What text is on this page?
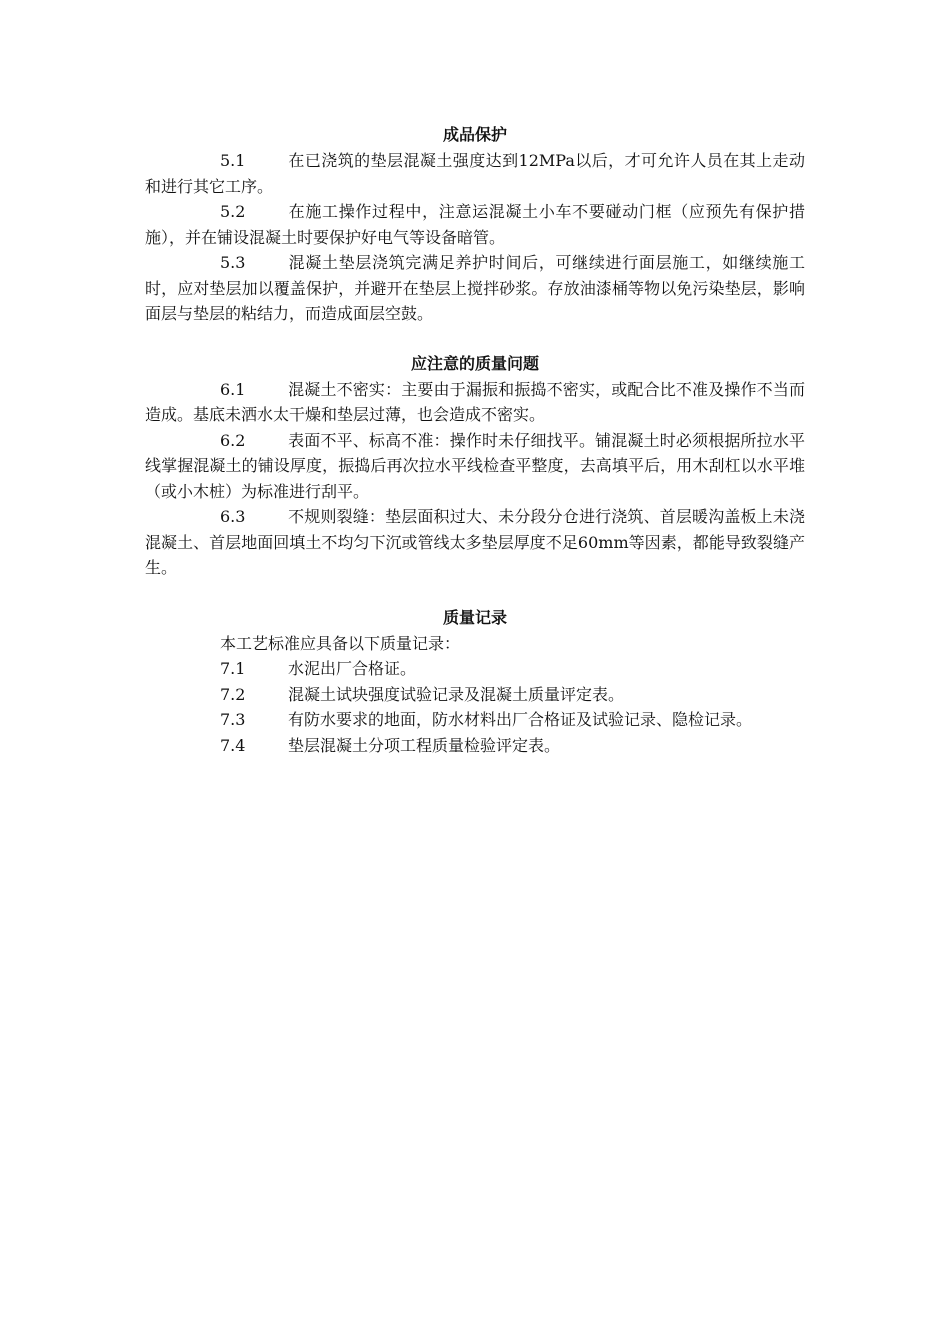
成品保护

5.1	在已浇筑的垫层混凝土强度达到12MPa以后，才可允许人员在其上走动和进行其它工序。

5.2	在施工操作过程中，注意运混凝土小车不要碰动门框（应预先有保护措施），并在铺设混凝土时要保护好电气等设备暗管。

5.3	混凝土垫层浇筑完满足养护时间后，可继续进行面层施工，如继续施工时，应对垫层加以覆盖保护，并避开在垫层上搅拌砂浆。存放油漆桶等物以免污染垫层，影响面层与垫层的粘结力，而造成面层空鼓。

应注意的质量问题

6.1	混凝土不密实：主要由于漏振和振捣不密实，或配合比不准及操作不当而造成。基底未洒水太干燥和垫层过薄，也会造成不密实。

6.2	表面不平、标高不准：操作时未仔细找平。铺混凝土时必须根据所拉水平线掌握混凝土的铺设厚度，振捣后再次拉水平线检查平整度，去高填平后，用木刮杠以水平堆（或小木桩）为标准进行刮平。

6.3	不规则裂缝：垫层面积过大、未分段分仓进行浇筑、首层暖沟盖板上未浇混凝土、首层地面回填土不均匀下沉或管线太多垫层厚度不足60mm等因素，都能导致裂缝产生。

质量记录

本工艺标准应具备以下质量记录：

7.1	水泥出厂合格证。

7.2	混凝土试块强度试验记录及混凝土质量评定表。

7.3	有防水要求的地面，防水材料出厂合格证及试验记录、隐检记录。

7.4	垫层混凝土分项工程质量检验评定表。
